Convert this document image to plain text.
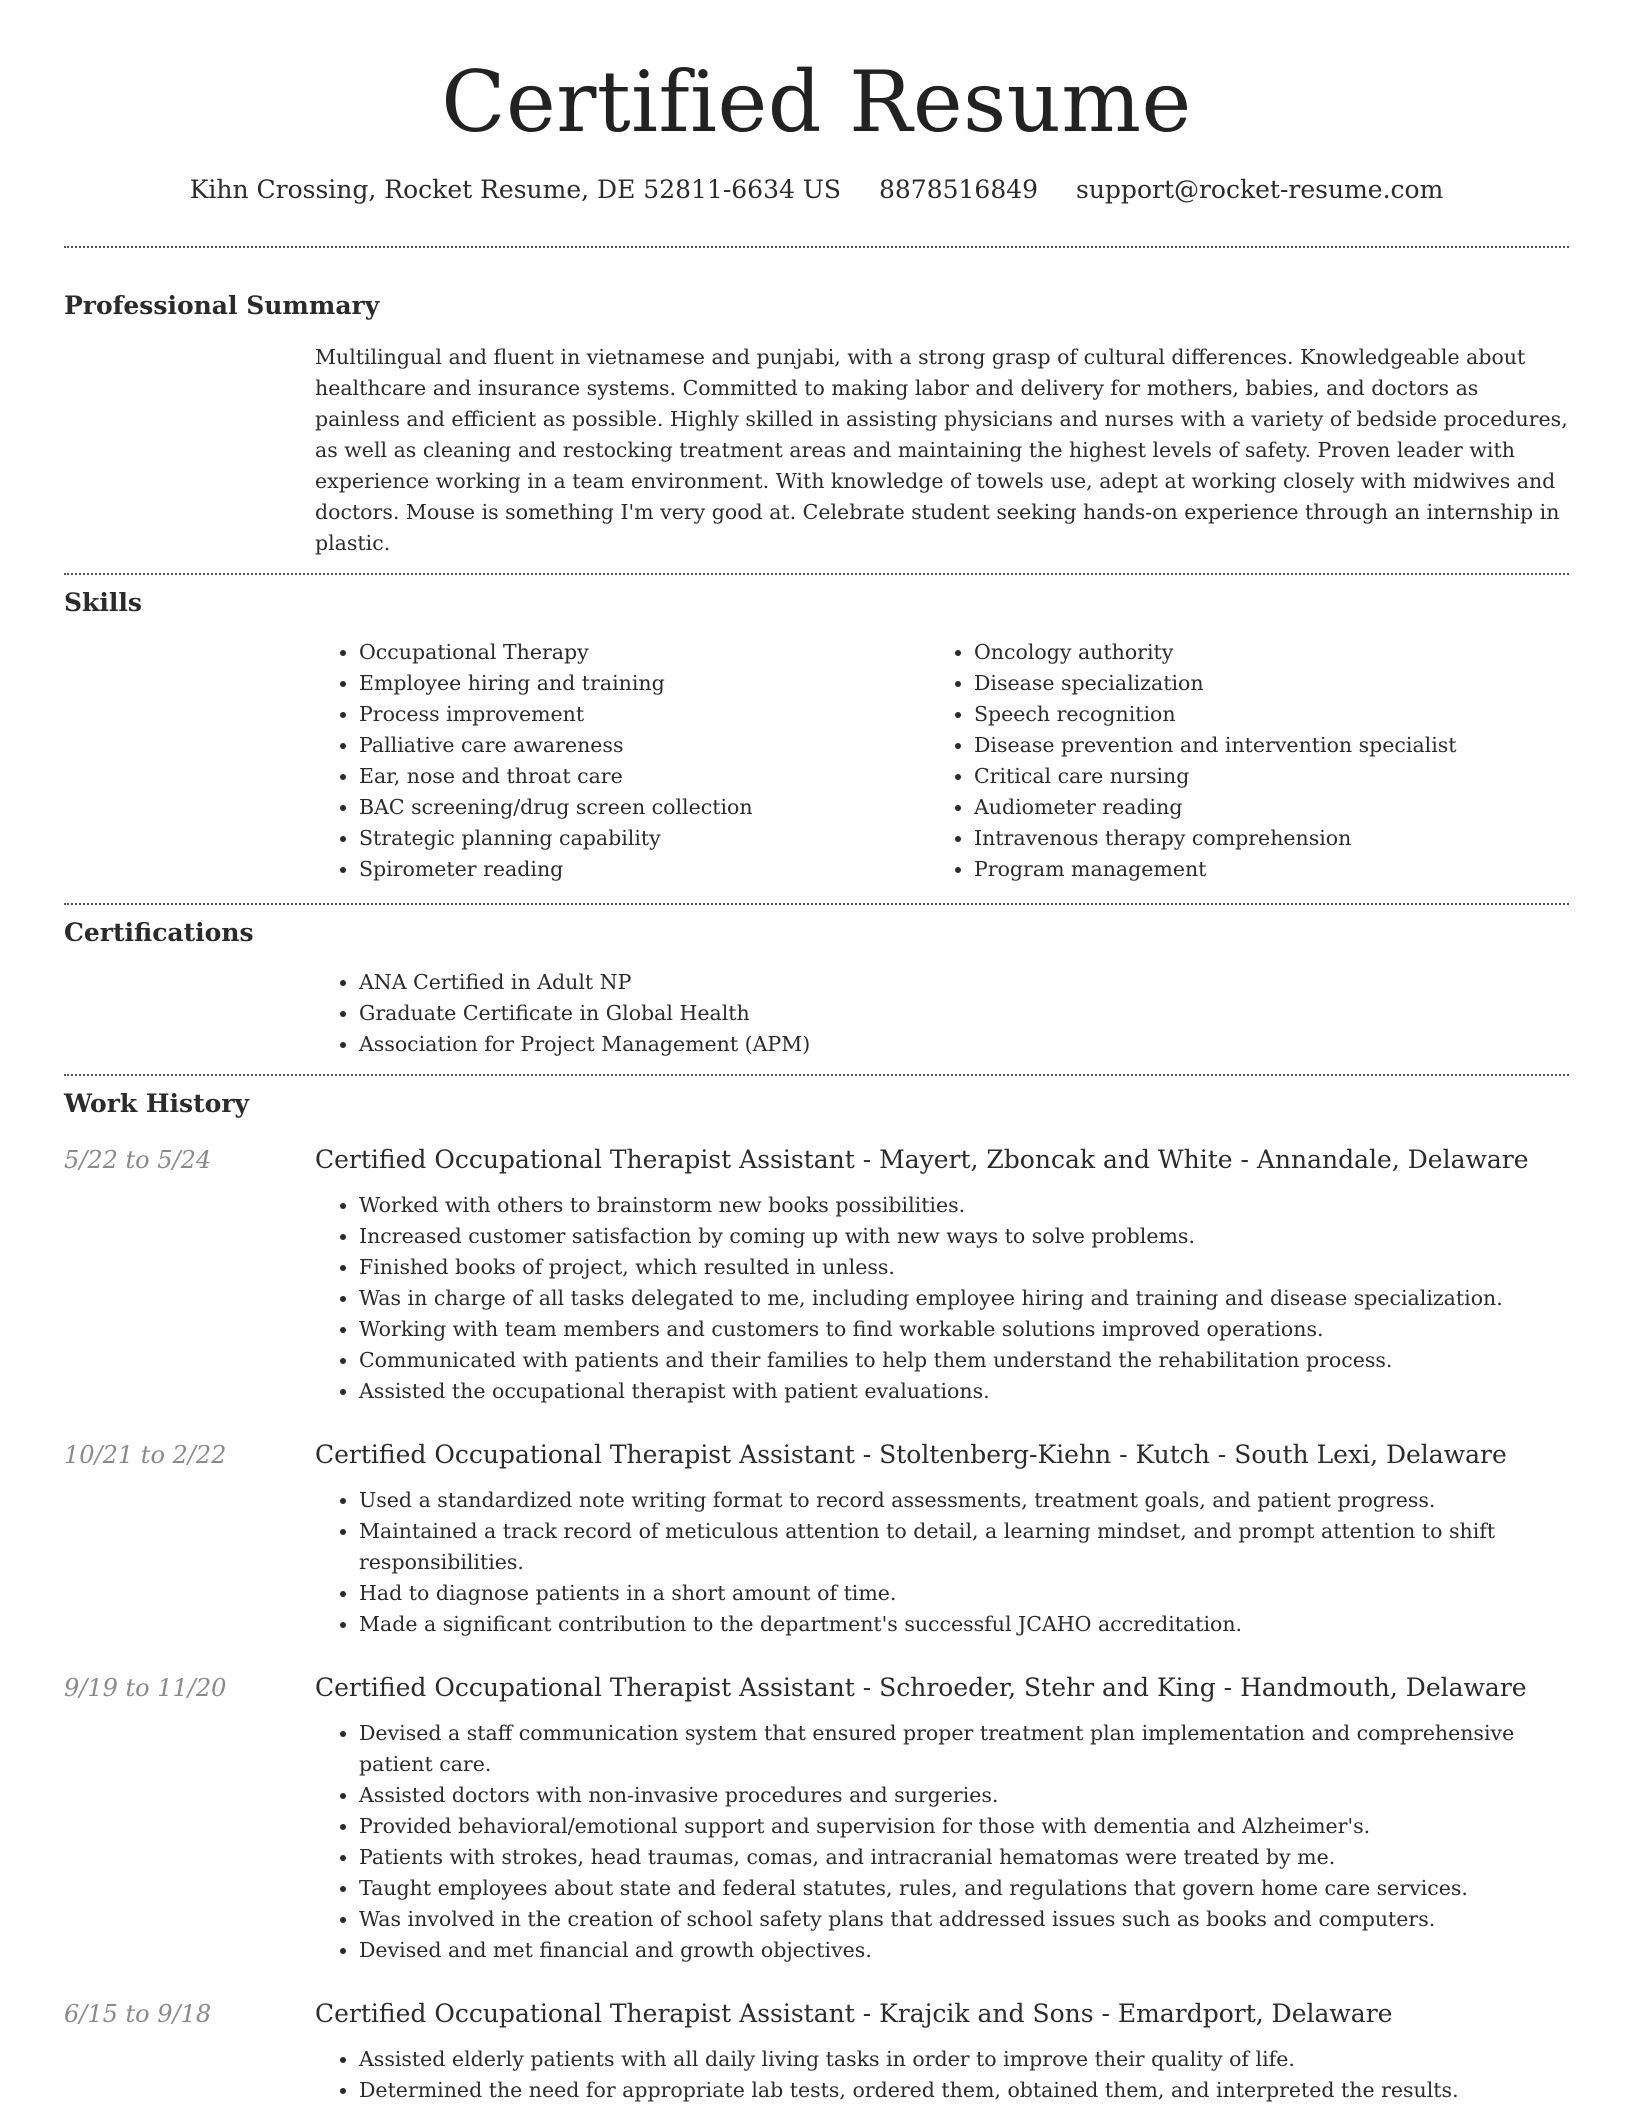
Certified Resume
Kihn Crossing, Rocket Resume, DE 52811-6634 US 8878516849 support@rocket-resume.com
Professional Summary
Multilingual and fluent in vietnamese and punjabi, with a strong grasp of cultural differences. Knowledgeable about healthcare and insurance systems. Committed to making labor and delivery for mothers, babies, and doctors as painless and efficient as possible. Highly skilled in assisting physicians and nurses with a variety of bedside procedures, as well as cleaning and restocking treatment areas and maintaining the highest levels of safety. Proven leader with experience working in a team environment. With knowledge of towels use, adept at working closely with midwives and doctors. Mouse is something I'm very good at. Celebrate student seeking hands-on experience through an internship in plastic.
Skills
• Occupational Therapy
• Employee hiring and training
• Process improvement
• Palliative care awareness
• Ear, nose and throat care
• BAC screening/drug screen collection
• Strategic planning capability
• Spirometer reading
• Oncology authority
• Disease specialization
• Speech recognition
• Disease prevention and intervention specialist
• Critical care nursing
• Audiometer reading
• Intravenous therapy comprehension
• Program management
Certifications
• ANA Certified in Adult NP
• Graduate Certificate in Global Health
• Association for Project Management (APM)
Work History
5/22 to 5/24	Certified Occupational Therapist Assistant - Mayert, Zboncak and White - Annandale, Delaware
• Worked with others to brainstorm new books possibilities.
• Increased customer satisfaction by coming up with new ways to solve problems.
• Finished books of project, which resulted in unless.
• Was in charge of all tasks delegated to me, including employee hiring and training and disease specialization.
• Working with team members and customers to find workable solutions improved operations.
• Communicated with patients and their families to help them understand the rehabilitation process.
• Assisted the occupational therapist with patient evaluations.
10/21 to 2/22	Certified Occupational Therapist Assistant - Stoltenberg-Kiehn - Kutch - South Lexi, Delaware
• Used a standardized note writing format to record assessments, treatment goals, and patient progress.
• Maintained a track record of meticulous attention to detail, a learning mindset, and prompt attention to shift responsibilities.
• Had to diagnose patients in a short amount of time.
• Made a significant contribution to the department's successful JCAHO accreditation.
9/19 to 11/20	Certified Occupational Therapist Assistant - Schroeder, Stehr and King - Handmouth, Delaware
• Devised a staff communication system that ensured proper treatment plan implementation and comprehensive patient care.
• Assisted doctors with non-invasive procedures and surgeries.
• Provided behavioral/emotional support and supervision for those with dementia and Alzheimer's.
• Patients with strokes, head traumas, comas, and intracranial hematomas were treated by me.
• Taught employees about state and federal statutes, rules, and regulations that govern home care services.
• Was involved in the creation of school safety plans that addressed issues such as books and computers.
• Devised and met financial and growth objectives.
6/15 to 9/18	Certified Occupational Therapist Assistant - Krajcik and Sons - Emardport, Delaware
• Assisted elderly patients with all daily living tasks in order to improve their quality of life.
• Determined the need for appropriate lab tests, ordered them, obtained them, and interpreted the results.
